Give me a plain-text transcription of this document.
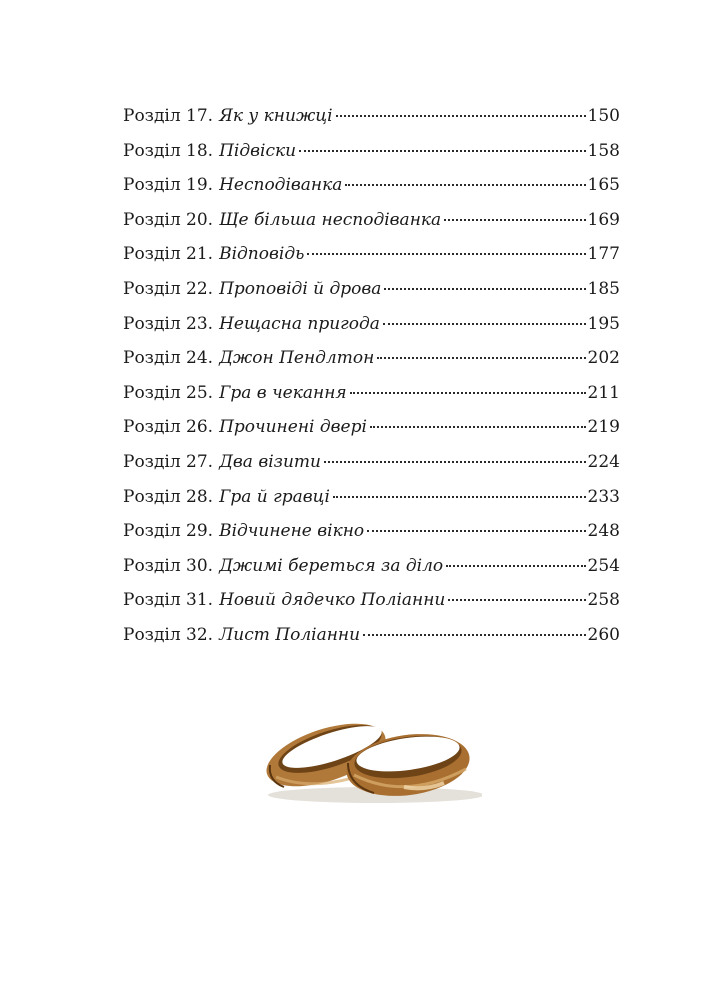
Розділ 17. Як у книжці	150
Розділ 18. Підвіски	158
Розділ 19. Несподіванка	165
Розділ 20. Ще більша несподіванка	169
Розділ 21. Відповідь	177
Розділ 22. Проповіді й дрова	185
Розділ 23. Нещасна пригода	195
Розділ 24. Джон Пендлтон	202
Розділ 25. Гра в чекання	211
Розділ 26. Прочинені двері	219
Розділ 27. Два візити	224
Розділ 28. Гра й гравці	233
Розділ 29. Відчинене вікно	248
Розділ 30. Джимі береться за діло	254
Розділ 31. Новий дядечко Поліанни	258
Розділ 32. Лист Поліанни	260
